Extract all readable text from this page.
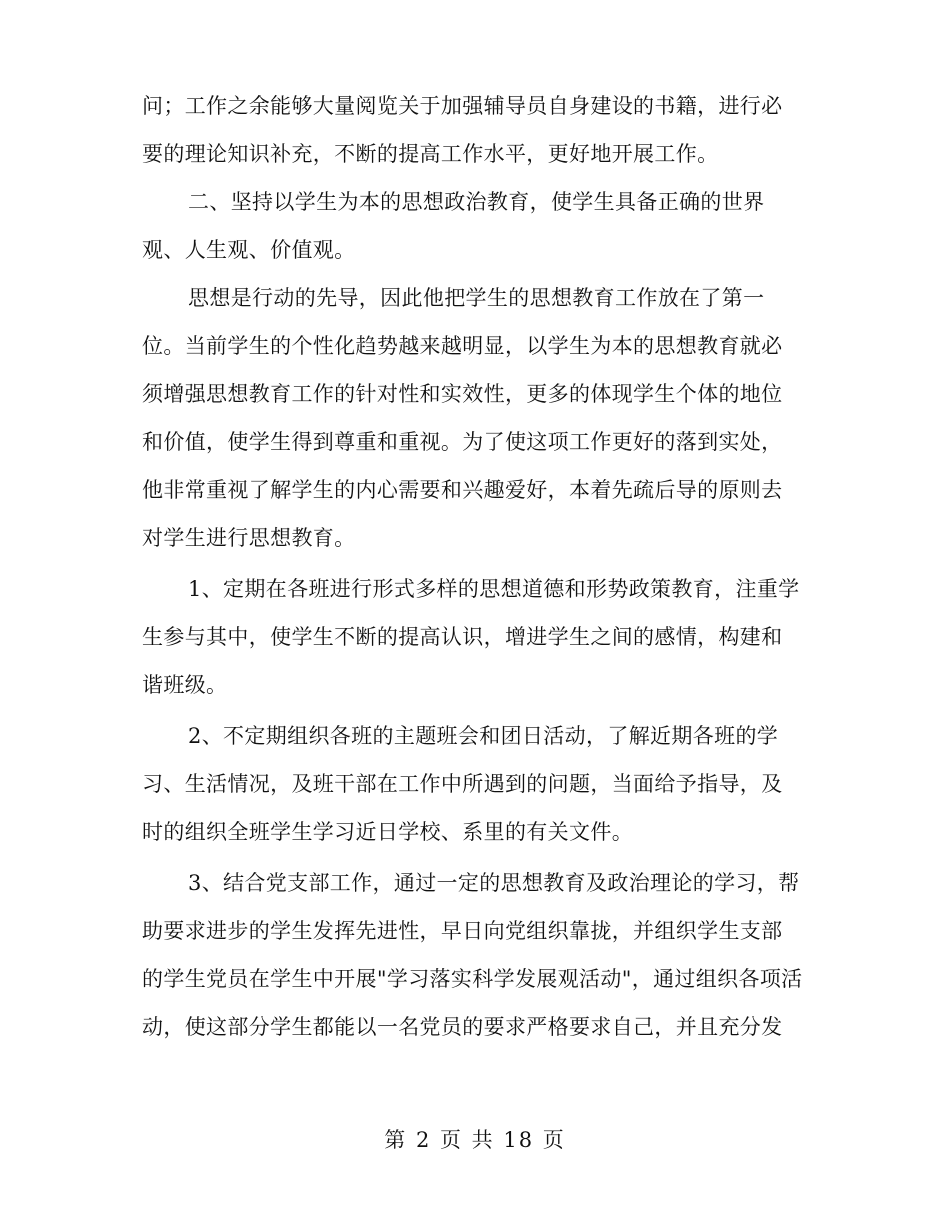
问；工作之余能够大量阅览关于加强辅导员自身建设的书籍，进行必
要的理论知识补充，不断的提高工作水平，更好地开展工作。
二、坚持以学生为本的思想政治教育，使学生具备正确的世界
观、人生观、价值观。
思想是行动的先导，因此他把学生的思想教育工作放在了第一
位。当前学生的个性化趋势越来越明显，以学生为本的思想教育就必
须增强思想教育工作的针对性和实效性，更多的体现学生个体的地位
和价值，使学生得到尊重和重视。为了使这项工作更好的落到实处，
他非常重视了解学生的内心需要和兴趣爱好，本着先疏后导的原则去
对学生进行思想教育。
1、定期在各班进行形式多样的思想道德和形势政策教育，注重学
生参与其中，使学生不断的提高认识，增进学生之间的感情，构建和
谐班级。
2、不定期组织各班的主题班会和团日活动，了解近期各班的学
习、生活情况，及班干部在工作中所遇到的问题，当面给予指导，及
时的组织全班学生学习近日学校、系里的有关文件。
3、结合党支部工作，通过一定的思想教育及政治理论的学习，帮
助要求进步的学生发挥先进性，早日向党组织靠拢，并组织学生支部
的学生党员在学生中开展"学习落实科学发展观活动"，通过组织各项活
动，使这部分学生都能以一名党员的要求严格要求自己，并且充分发
第 2 页 共 18 页
